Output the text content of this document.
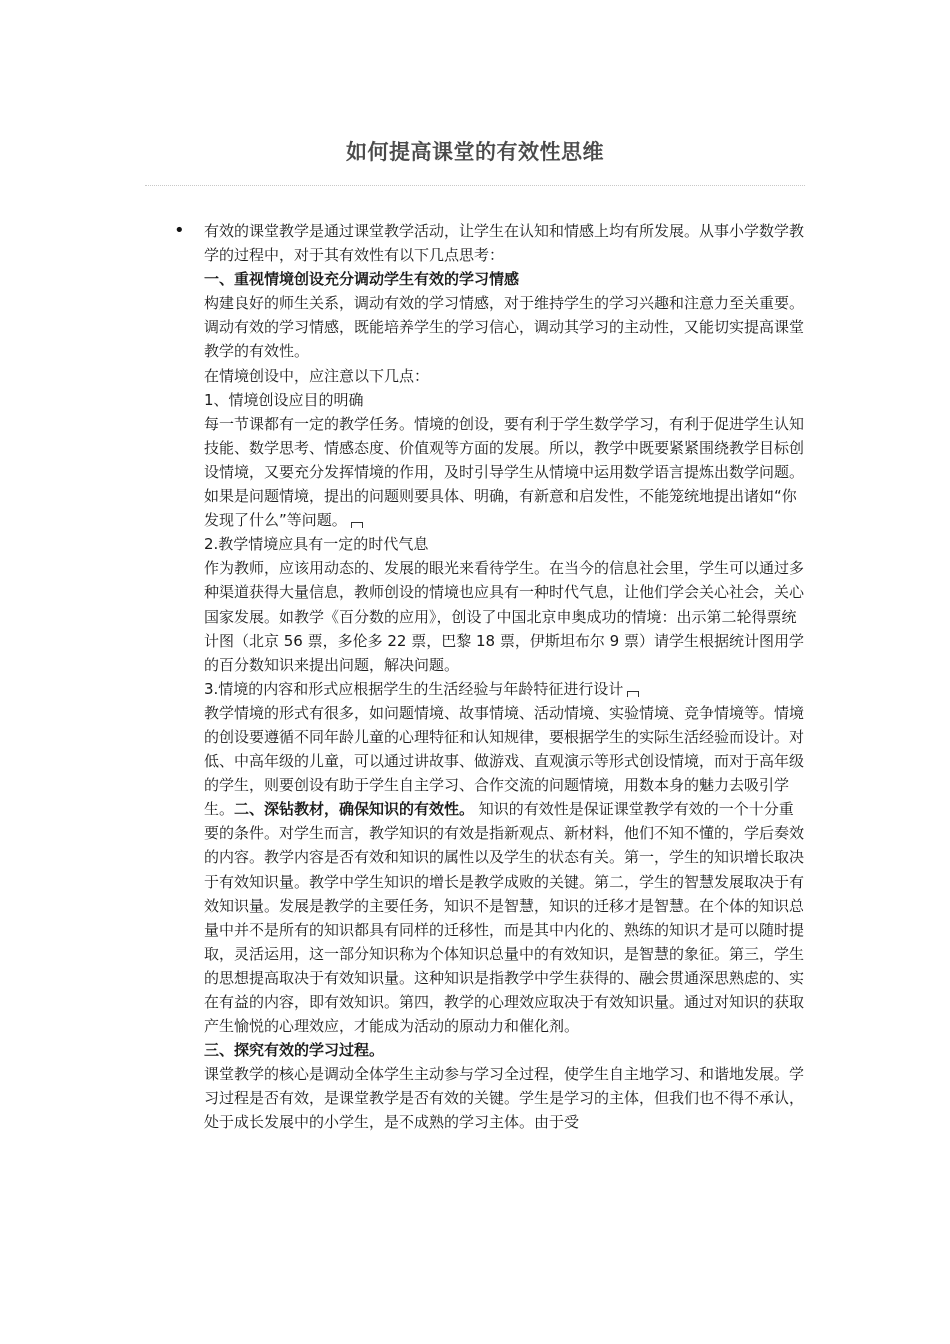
如何提高课堂的有效性思维
• 有效的课堂教学是通过课堂教学活动，让学生在认知和情感上均有所发展。从事小学数学教学的过程中，对于其有效性有以下几点思考：

一、重视情境创设充分调动学生有效的学习情感

构建良好的师生关系，调动有效的学习情感，对于维持学生的学习兴趣和注意力至关重要。调动有效的学习情感，既能培养学生的学习信心，调动其学习的主动性，又能切实提高课堂教学的有效性。

在情境创设中，应注意以下几点：

1、情境创设应目的明确

每一节课都有一定的教学任务。情境的创设，要有利于学生数学学习，有利于促进学生认知技能、数学思考、情感态度、价值观等方面的发展。所以，教学中既要紧紧围绕教学目标创设情境，又要充分发挥情境的作用，及时引导学生从情境中运用数学语言提炼出数学问题。如果是问题情境，提出的问题则要具体、明确，有新意和启发性，不能笼统地提出诸如“你发现了什么”等问题。

2.教学情境应具有一定的时代气息

作为教师，应该用动态的、发展的眼光来看待学生。在当今的信息社会里，学生可以通过多种渠道获得大量信息，教师创设的情境也应具有一种时代气息，让他们学会关心社会，关心国家发展。如教学《百分数的应用》，创设了中国北京申奥成功的情境：出示第二轮得票统计图（北京 56 票，多伦多 22 票，巴黎 18 票，伊斯坦布尔 9 票）请学生根据统计图用学的百分数知识来提出问题，解决问题。

3.情境的内容和形式应根据学生的生活经验与年龄特征进行设计

教学情境的形式有很多，如问题情境、故事情境、活动情境、实验情境、竞争情境等。情境的创设要遵循不同年龄儿童的心理特征和认知规律，要根据学生的实际生活经验而设计。对低、中高年级的儿童，可以通过讲故事、做游戏、直观演示等形式创设情境，而对于高年级的学生，则要创设有助于学生自主学习、合作交流的问题情境，用数本身的魅力去吸引学生。二、深钻教材，确保知识的有效性。 知识的有效性是保证课堂教学有效的一个十分重要的条件。对学生而言，教学知识的有效是指新观点、新材料，他们不知不懂的，学后奏效的内容。教学内容是否有效和知识的属性以及学生的状态有关。第一，学生的知识增长取决于有效知识量。教学中学生知识的增长是教学成败的关键。第二，学生的智慧发展取决于有效知识量。发展是教学的主要任务，知识不是智慧，知识的迁移才是智慧。在个体的知识总量中并不是所有的知识都具有同样的迁移性，而是其中内化的、熟练的知识才是可以随时提取，灵活运用，这一部分知识称为个体知识总量中的有效知识，是智慧的象征。第三，学生的思想提高取决于有效知识量。这种知识是指教学中学生获得的、融会贯通深思熟虑的、实在有益的内容，即有效知识。第四，教学的心理效应取决于有效知识量。通过对知识的获取产生愉悦的心理效应，才能成为活动的原动力和催化剂。

三、探究有效的学习过程。

课堂教学的核心是调动全体学生主动参与学习全过程，使学生自主地学习、和谐地发展。学习过程是否有效，是课堂教学是否有效的关键。学生是学习的主体，但我们也不得不承认，处于成长发展中的小学生，是不成熟的学习主体。由于受
